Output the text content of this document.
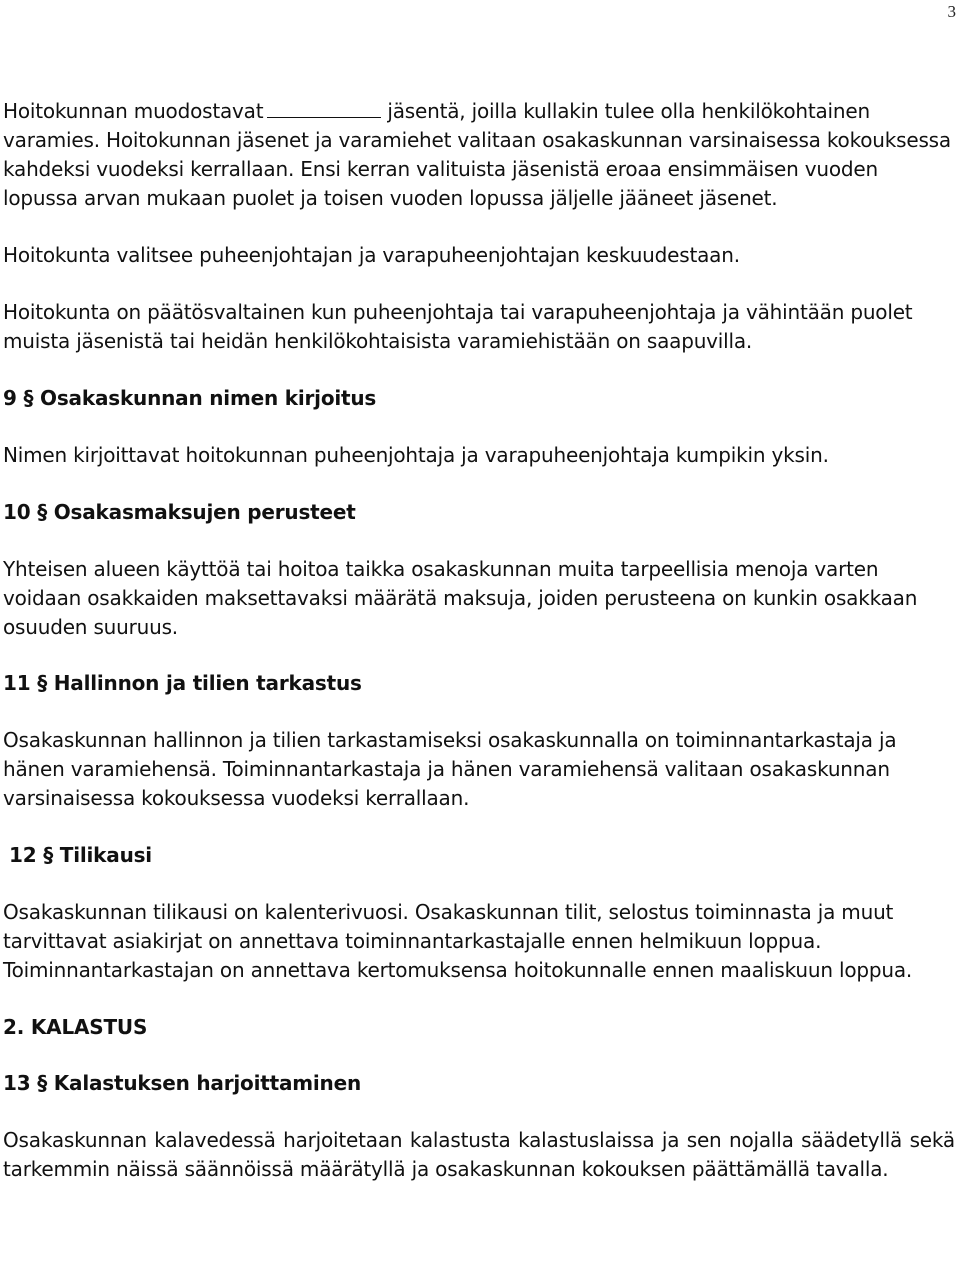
3

Hoitokunnan muodostavat	jäsentä, joilla kullakin tulee olla henkilökohtainen varamies. Hoitokunnan jäsenet ja varamiehet valitaan osakaskunnan varsinaisessa kokouksessa kahdeksi vuodeksi kerrallaan. Ensi kerran valituista jäsenistä eroaa ensimmäisen vuoden lopussa arvan mukaan puolet ja toisen vuoden lopussa jäljelle jääneet jäsenet.

Hoitokunta valitsee puheenjohtajan ja varapuheenjohtajan keskuudestaan.

Hoitokunta on päätösvaltainen kun puheenjohtaja tai varapuheenjohtaja ja vähintään puolet muista jäsenistä tai heidän henkilökohtaisista varamiehistään on saapuvilla.

9 § Osakaskunnan nimen kirjoitus

Nimen kirjoittavat hoitokunnan puheenjohtaja ja varapuheenjohtaja kumpikin yksin.

10 § Osakasmaksujen perusteet

Yhteisen alueen käyttöä tai hoitoa taikka osakaskunnan muita tarpeellisia menoja varten voidaan osakkaiden maksettavaksi määrätä maksuja, joiden perusteena on kunkin osakkaan osuuden suuruus.

11 § Hallinnon ja tilien tarkastus

Osakaskunnan hallinnon ja tilien tarkastamiseksi osakaskunnalla on toiminnantarkastaja ja hänen varamiehensä. Toiminnantarkastaja ja hänen varamiehensä valitaan osakaskunnan varsinaisessa kokouksessa vuodeksi kerrallaan.

12 § Tilikausi

Osakaskunnan tilikausi on kalenterivuosi. Osakaskunnan tilit, selostus toiminnasta ja muut tarvittavat asiakirjat on annettava toiminnantarkastajalle ennen helmikuun loppua. Toiminnantarkastajan on annettava kertomuksensa hoitokunnalle ennen maaliskuun loppua.

2. KALASTUS
13 § Kalastuksen harjoittaminen

Osakaskunnan kalavedessä harjoitetaan kalastusta kalastuslaissa ja sen nojalla säädetyllä sekä tarkemmin näissä säännöissä määrätyllä ja osakaskunnan kokouksen päättämällä tavalla.
